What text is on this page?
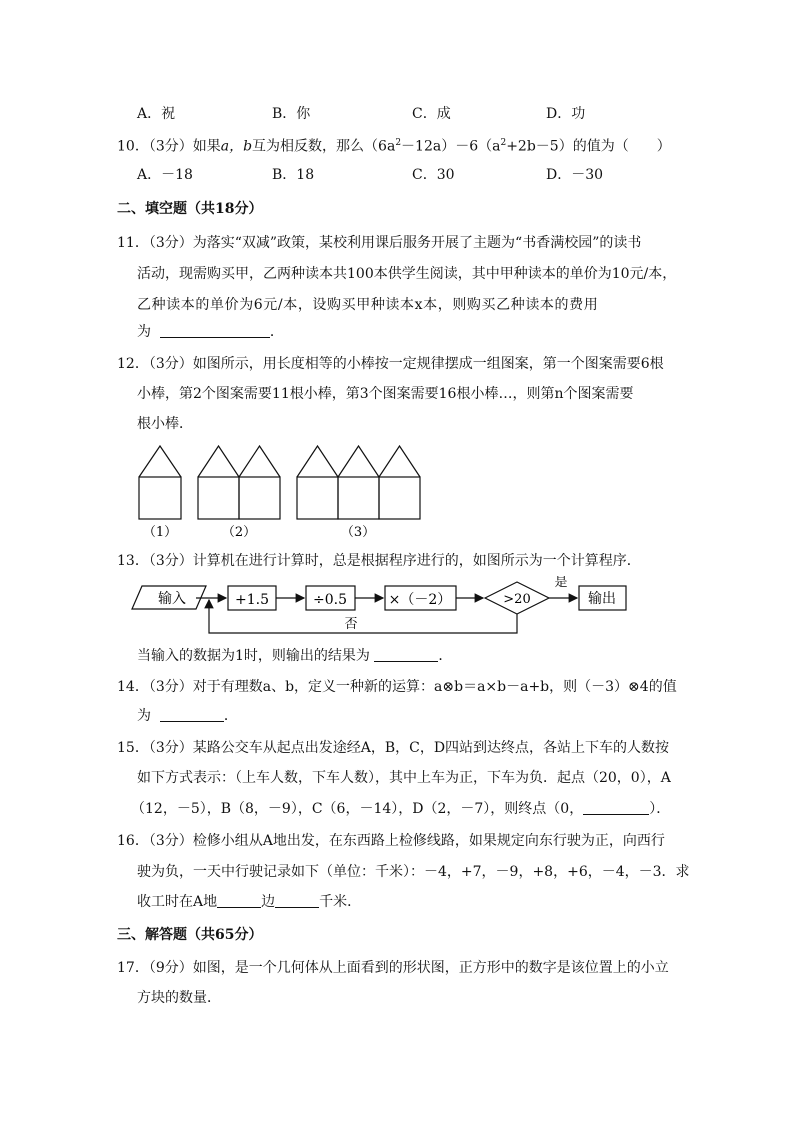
A．祝	B．你	C．成	D．功
10．（3分）如果a，b互为相反数，那么$(6a^2-12a)-6(a^2+2b-5)$的值为（　　）
A．－18	B．18	C．30	D．－30
二、填空题（共18分）
11．（3分）为落实“双减”政策，某校利用课后服务开展了主题为“书香满校园”的读书
活动，现需购买甲，乙两种读本共100本供学生阅读，其中甲种读本的单价为10元/本，
乙种读本的单价为6元/本，设购买甲种读本x本，则购买乙种读本的费用
为	．
12．（3分）如图所示，用长度相等的小棒按一定规律摆成一组图案，第一个图案需要6根
小棒，第2个图案需要11根小棒，第3个图案需要16根小棒…，则第n个图案需要
根小棒．
（1）	（2）	（3）
13．（3分）计算机在进行计算时，总是根据程序进行的，如图所示为一个计算程序．
输入	+1.5	÷0.5	×（－2）	>20
是
否
输出
当输入的数据为1时，则输出的结果为	．
14．（3分）对于有理数a、b，定义一种新的运算：a⊗b＝a×b－a+b，则（－3）⊗4的值
为	．
15．（3分）某路公交车从起点出发途经A，B，C，D四站到达终点，各站上下车的人数按
如下方式表示：（上车人数，下车人数），其中上车为正，下车为负．起点（20，0），A
（12，－5），B（8，－9），C（6，－14），D（2，－7），则终点（0，	）．
16．（3分）检修小组从A地出发，在东西路上检修线路，如果规定向东行驶为正，向西行
驶为负，一天中行驶记录如下（单位：千米）：－4，+7，－9，+8，+6，－4，－3．求
收工时在A地	边	千米．
三、解答题（共65分）
17．（9分）如图，是一个几何体从上面看到的形状图，正方形中的数字是该位置上的小立
方块的数量．
